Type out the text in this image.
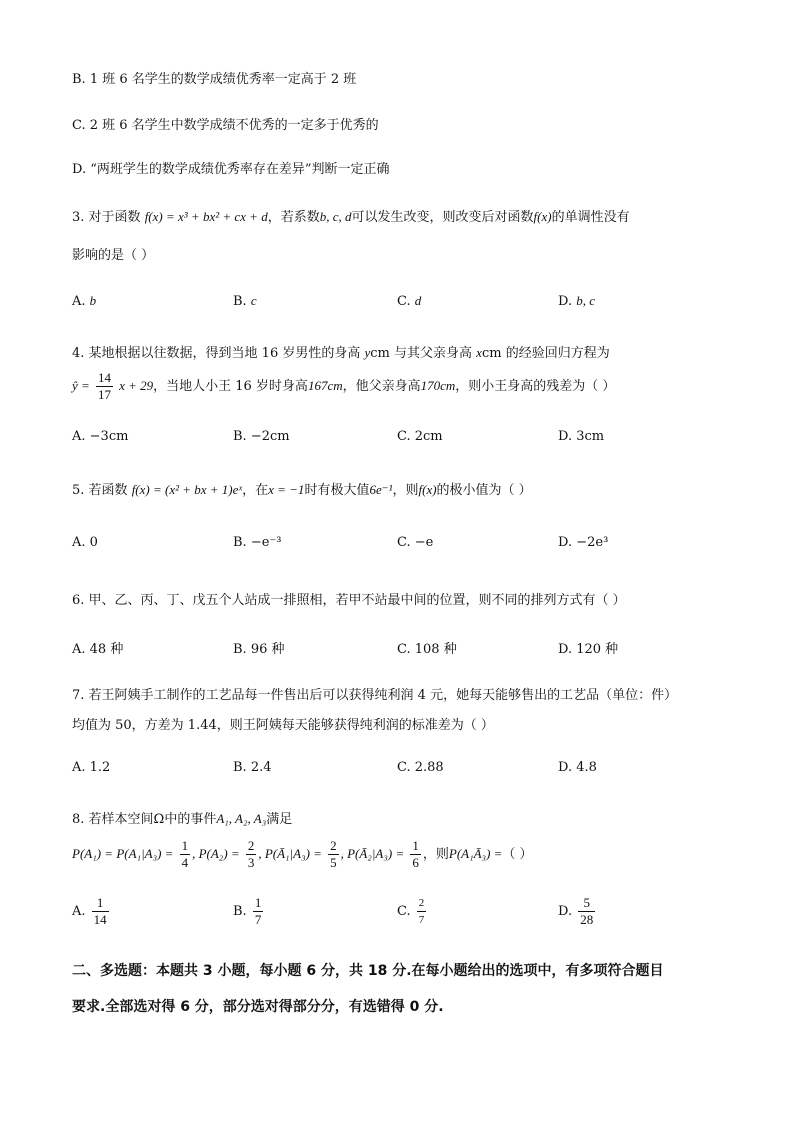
B. 1 班 6 名学生的数学成绩优秀率一定高于 2 班
C. 2 班 6 名学生中数学成绩不优秀的一定多于优秀的
D. “两班学生的数学成绩优秀率存在差异”判断一定正确
3. 对于函数 f(x) = x³ + bx² + cx + d，若系数b, c, d可以发生改变，则改变后对函数f(x)的单调性没有
影响的是（ ）
A. b	B. c	C. d	D. b, c
4. 某地根据以往数据，得到当地 16 岁男性的身高 ycm 与其父亲身高 xcm 的经验回归方程为
ŷ = $\frac{14}{17}$ x + 29，当地人小王 16 岁时身高167cm，他父亲身高170cm，则小王身高的残差为（ ）
A. −3cm	B. −2cm	C. 2cm	D. 3cm
5. 若函数 f(x) = (x² + bx + 1)eˣ，在x = −1时有极大值6e⁻¹，则f(x)的极小值为（ ）
A. 0	B. −e⁻³	C. −e	D. −2e³
6. 甲、乙、丙、丁、戊五个人站成一排照相，若甲不站最中间的位置，则不同的排列方式有（ ）
A. 48 种	B. 96 种	C. 108 种	D. 120 种
7. 若王阿姨手工制作的工艺品每一件售出后可以获得纯利润 4 元，她每天能够售出的工艺品（单位：件）
均值为 50，方差为 1.44，则王阿姨每天能够获得纯利润的标准差为（ ）
A. 1.2	B. 2.4	C. 2.88	D. 4.8
8. 若样本空间Ω中的事件A₁, A₂, A₃满足
$P(A_1) = P(A_1|A_3) = \frac{1}{4}$ , $P(A_2) = \frac{2}{3}$ , P(Ā₁|A₃) = $\frac{2}{5}$ , P(Ā₂|A₃) = $\frac{1}{6}$ ，则P(A₁Ā₃) =（ ）
A. $\frac{1}{14}$	B. $\frac{1}{7}$	C. $\frac{2}{7}$	D. $\frac{5}{28}$
二、多选题：本题共 3 小题，每小题 6 分，共 18 分.在每小题给出的选项中，有多项符合题目
要求.全部选对得 6 分，部分选对得部分分，有选错得 0 分.
